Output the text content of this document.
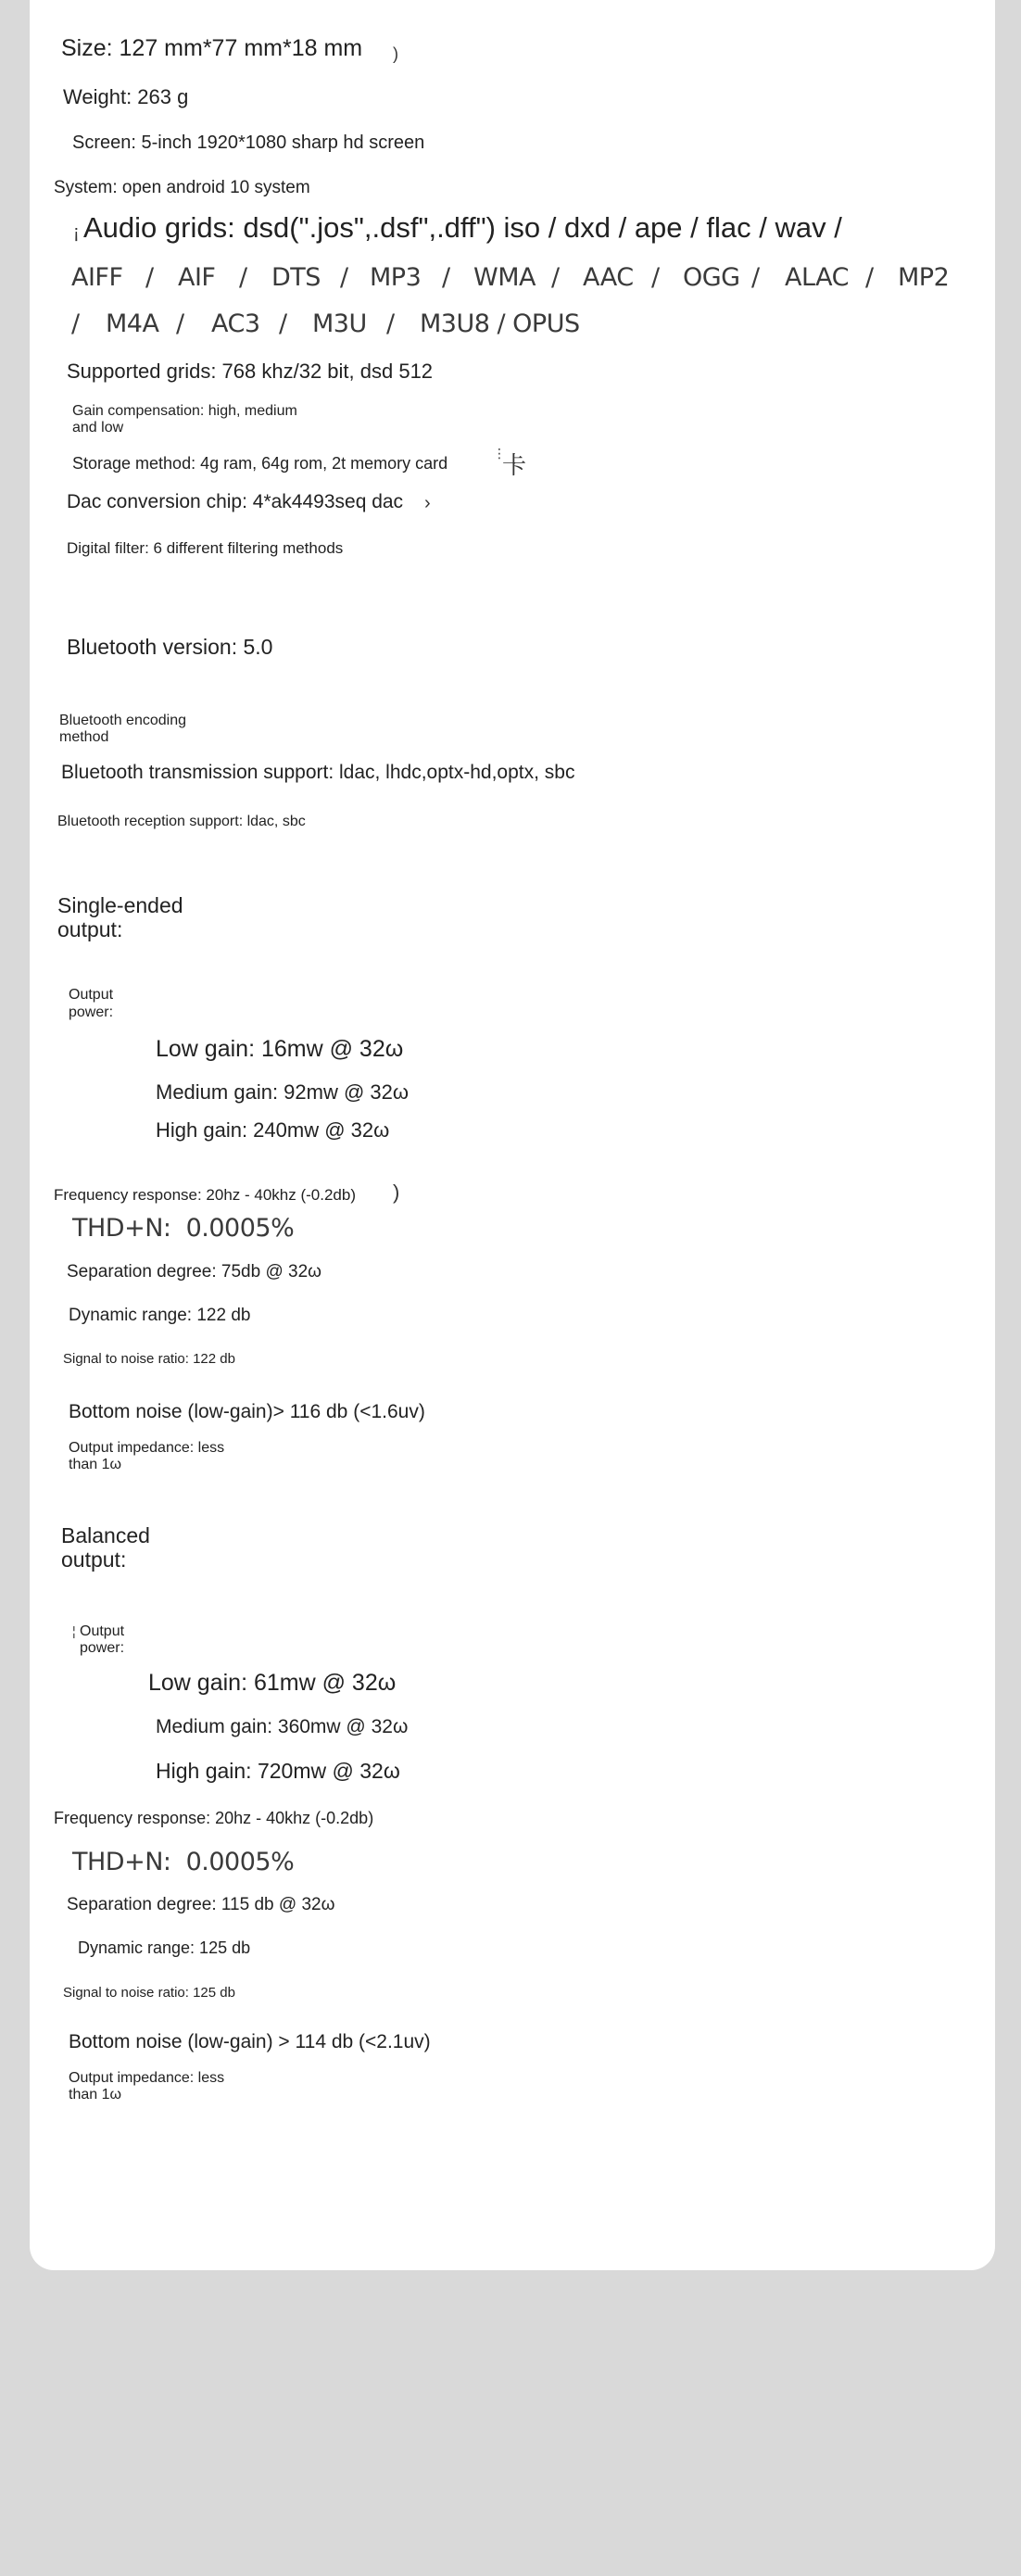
Size: 127 mm*77 mm*18 mm )
Weight: 263 g
Screen: 5-inch 1920*1080 sharp hd screen
System: open android 10 system
Audio grids: dsd(".jos",.dsf",.dff") iso / dxd / ape / flac / wav /
¡
AIFF / AIF / DTS / MP3 / WMA / AAC / OGG / ALAC / MP2
/ M4A / AC3 / M3U / M3U8 / OPUS
Supported grids: 768 khz/32 bit, dsd 512
Gain compensation: high, medium
and low
Storage method: 4g ram, 64g rom, 2t memory card 卡
⋮
Dac conversion chip: 4*ak4493seq dac ›
Digital filter: 6 different filtering methods
Bluetooth version: 5.0
Bluetooth encoding
method
Bluetooth transmission support: ldac, lhdc,optx-hd,optx, sbc
Bluetooth reception support: ldac, sbc
Single-ended
output:
Output
power:
Low gain: 16mw @ 32ω
Medium gain: 92mw @ 32ω
High gain: 240mw @ 32ω
Frequency response: 20hz - 40khz (-0.2db) )
THD+N: 0.0005%
Separation degree: 75db @ 32ω
Dynamic range: 122 db
Signal to noise ratio: 122 db
Bottom noise (low-gain)> 116 db (<1.6uv)
Output impedance: less
than 1ω
Balanced
output:
¦ Output
power:
Low gain: 61mw @ 32ω
Medium gain: 360mw @ 32ω
High gain: 720mw @ 32ω
Frequency response: 20hz - 40khz (-0.2db)
THD+N: 0.0005%
Separation degree: 115 db @ 32ω
Dynamic range: 125 db
Signal to noise ratio: 125 db
Bottom noise (low-gain) > 114 db (<2.1uv)
Output impedance: less
than 1ω
